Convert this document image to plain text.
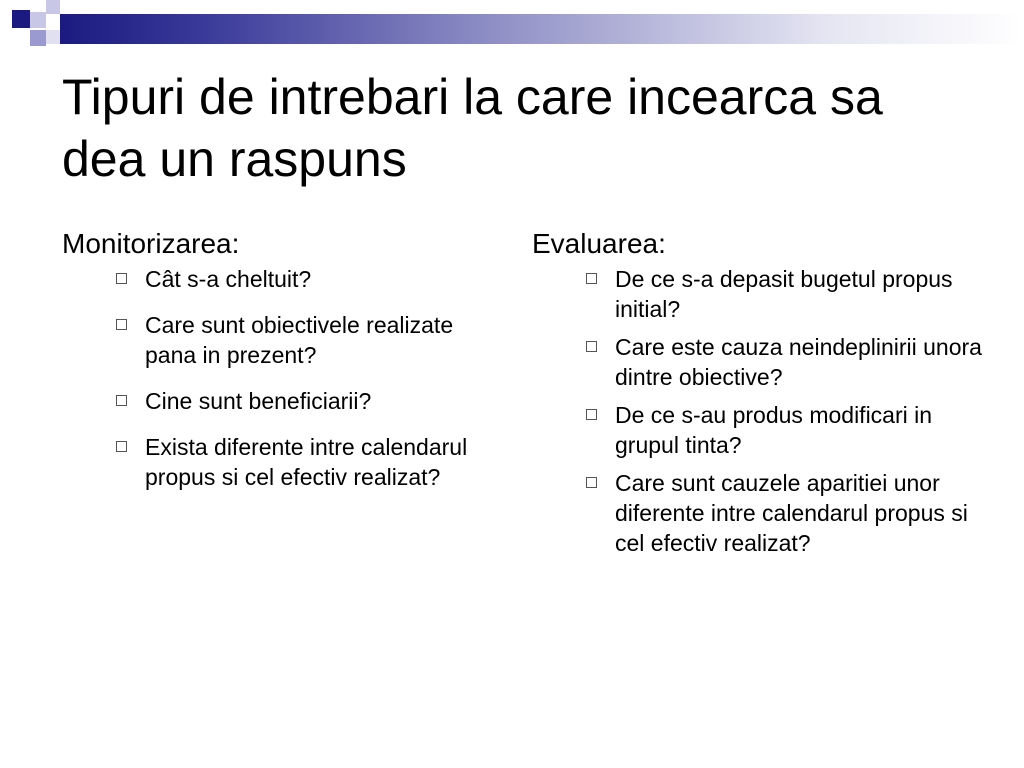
Tipuri de intrebari la care incearca sa dea un raspuns
Monitorizarea:
Cât s-a cheltuit?
Care sunt obiectivele realizate pana in prezent?
Cine sunt beneficiarii?
Exista diferente intre calendarul propus si cel efectiv realizat?
Evaluarea:
De ce s-a depasit bugetul propus initial?
Care este cauza neindeplinirii unora dintre obiective?
De ce s-au produs modificari in grupul tinta?
Care sunt cauzele aparitiei unor diferente intre calendarul propus si cel efectiv realizat?
